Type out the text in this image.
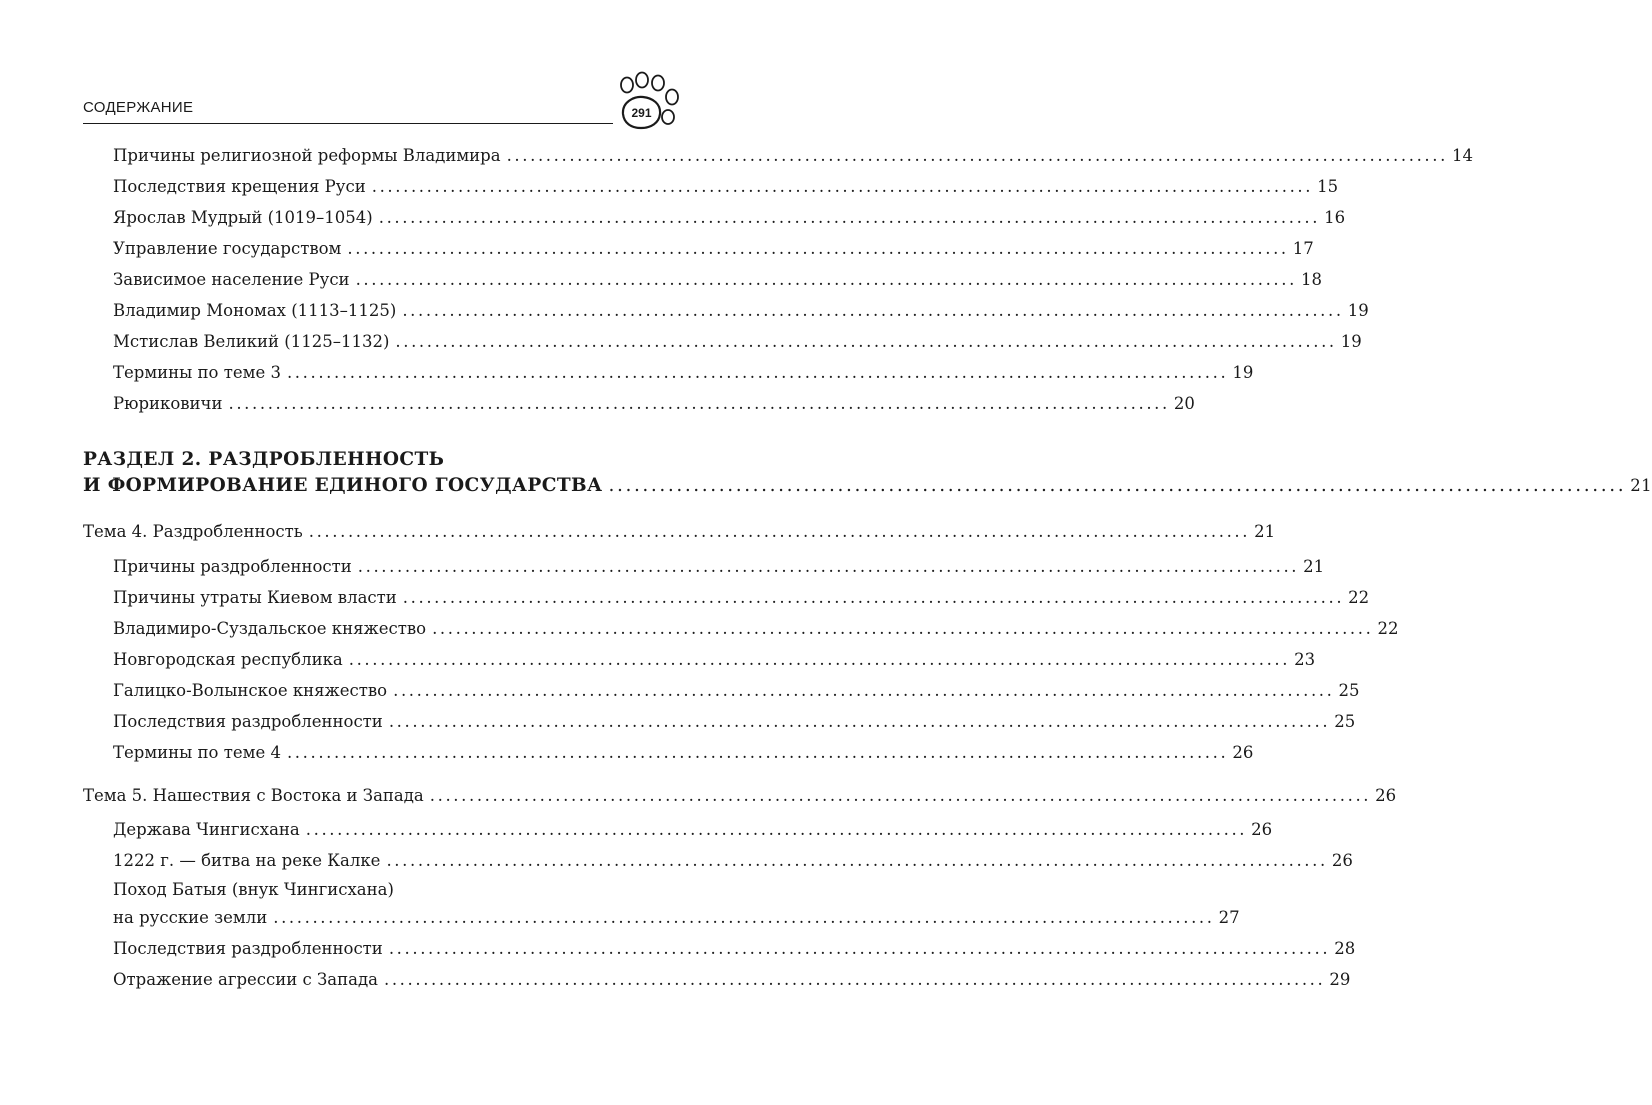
СОДЕРЖАНИЕ	291
Причины религиозной реформы Владимира ........................................................................................................................ 14
Последствия крещения Руси ........................................................................................................................ 15
Ярослав Мудрый (1019–1054) ........................................................................................................................ 16
Управление государством ........................................................................................................................ 17
Зависимое население Руси ........................................................................................................................ 18
Владимир Мономах (1113–1125) ........................................................................................................................ 19
Мстислав Великий (1125–1132) ........................................................................................................................ 19
Термины по теме 3 ........................................................................................................................ 19
Рюриковичи ........................................................................................................................ 20
РАЗДЕЛ 2. РАЗДРОБЛЕННОСТЬ
И ФОРМИРОВАНИЕ ЕДИНОГО ГОСУДАРСТВА ........................................................................................................................ 21
Тема 4. Раздробленность ........................................................................................................................ 21
Причины раздробленности ........................................................................................................................ 21
Причины утраты Киевом власти ........................................................................................................................ 22
Владимиро-Суздальское княжество ........................................................................................................................ 22
Новгородская республика ........................................................................................................................ 23
Галицко-Волынское княжество ........................................................................................................................ 25
Последствия раздробленности ........................................................................................................................ 25
Термины по теме 4 ........................................................................................................................ 26
Тема 5. Нашествия с Востока и Запада ........................................................................................................................ 26
Держава Чингисхана ........................................................................................................................ 26
1222 г. — битва на реке Калке ........................................................................................................................ 26
Поход Батыя (внук Чингисхана)
на русские земли ........................................................................................................................ 27
Последствия раздробленности ........................................................................................................................ 28
Отражение агрессии с Запада ........................................................................................................................ 29
